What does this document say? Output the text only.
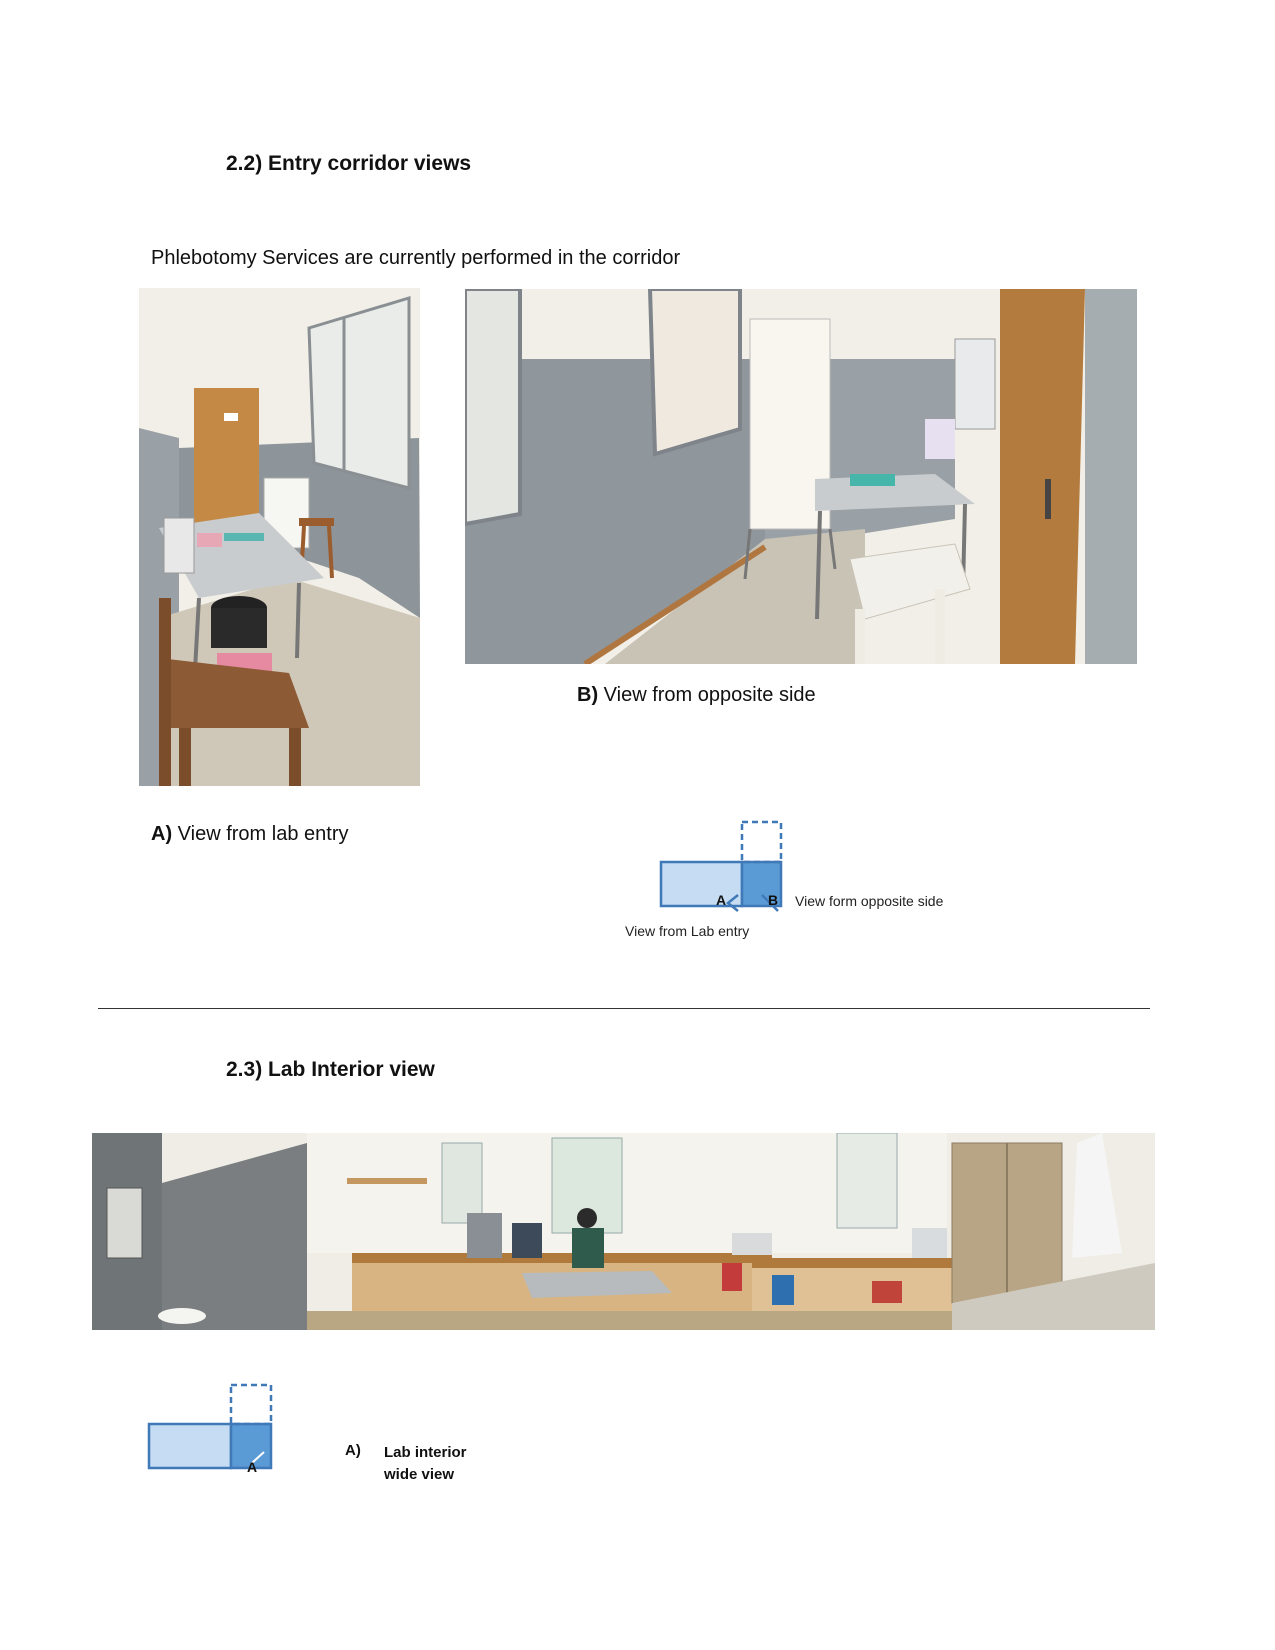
2.2) Entry corridor views
Phlebotomy Services are currently performed in the corridor
B) View from opposite side
A) View from lab entry
A	B View form opposite side
View from Lab entry
2.3) Lab Interior view
A
A) Lab interior
wide view
